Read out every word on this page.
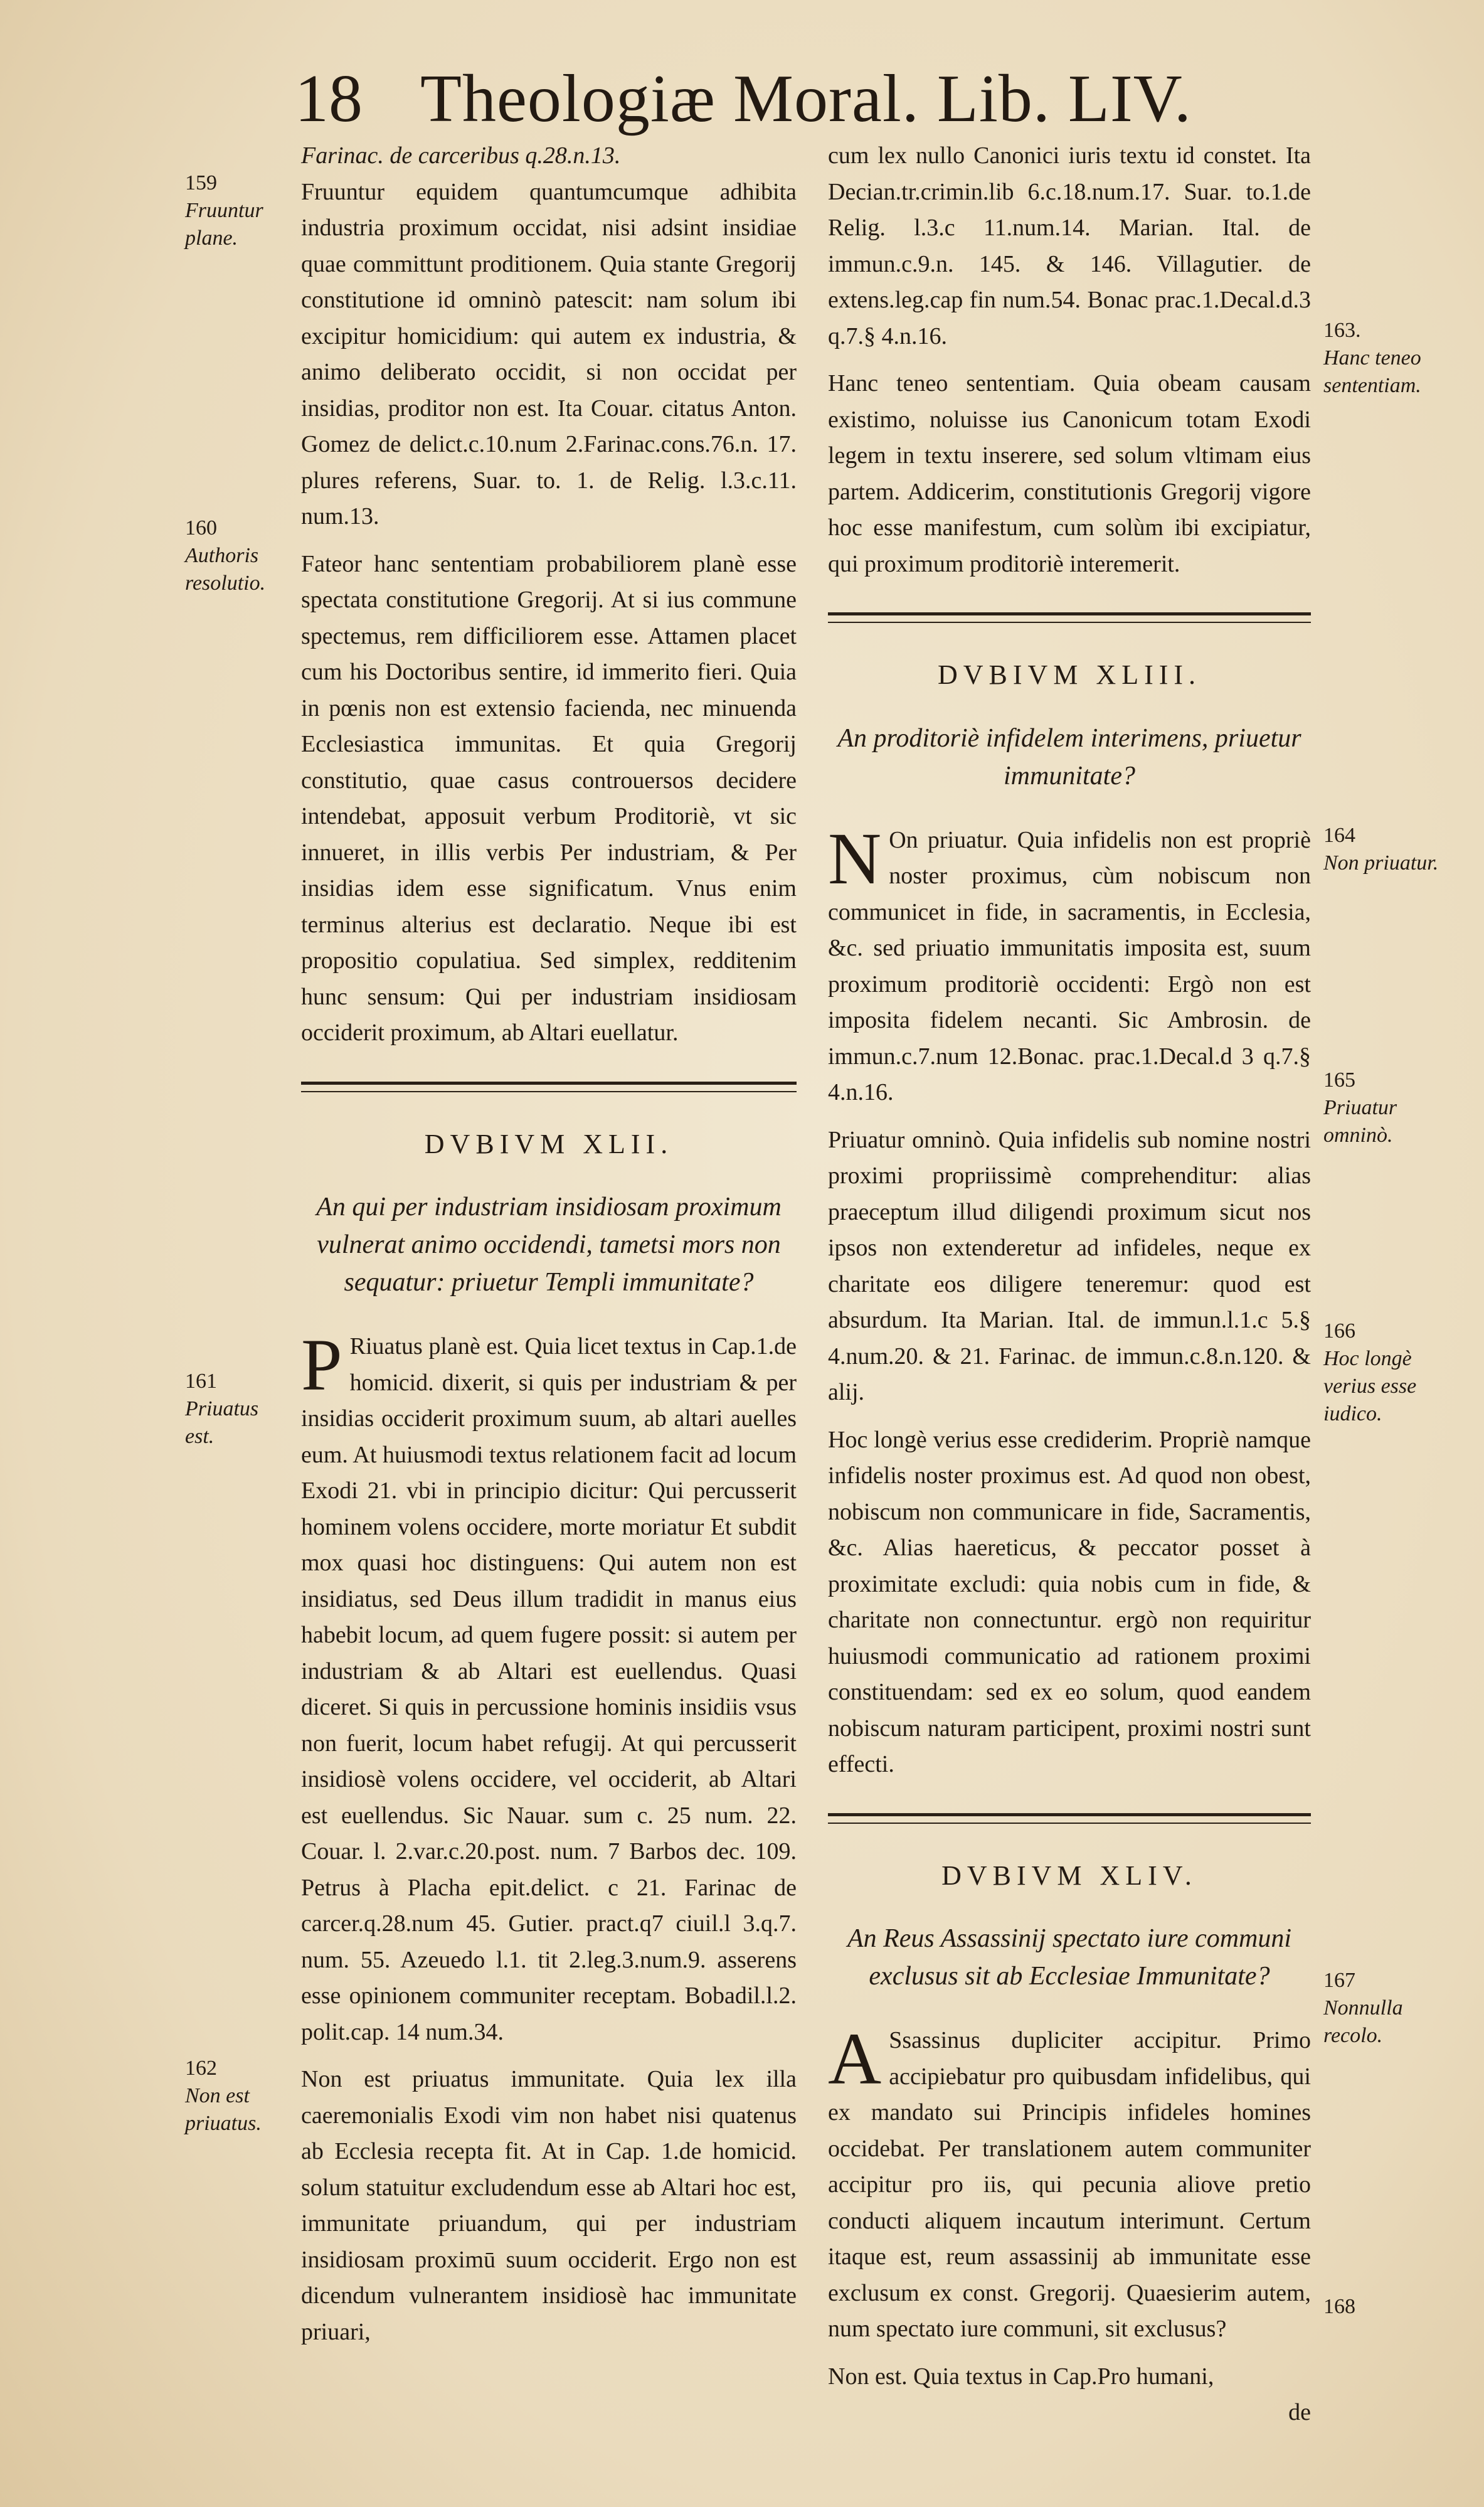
18 Theologiæ Moral. Lib. LIV.
159
Fruuntur plane.
160
Authoris resolutio.
161
Priuatus est.
162
Non est priuatus.
163.
Hanc teneo sententiam.
164
Non priuatur.
165
Priuatur omninò.
166
Hoc longè verius esse iudico.
167
Nonnulla recolo.
168

Farinac. de carceribus q.28.n.13.

Fruuntur equidem quantumcumque adhibita industria proximum occidat, nisi adsint insidiae quae committunt proditionem. Quia stante Gregorij constitutione id omninò patescit: nam solum ibi excipitur homicidium: qui autem ex industria, & animo deliberato occidit, si non occidat per insidias, proditor non est. Ita Couar. citatus Anton. Gomez de delict.c.10.num 2.Farinac.cons.76.n. 17. plures referens, Suar. to. 1. de Relig. l.3.c.11. num.13.

Fateor hanc sententiam probabiliorem planè esse spectata constitutione Gregorij. At si ius commune spectemus, rem difficiliorem esse. Attamen placet cum his Doctoribus sentire, id immerito fieri. Quia in pœnis non est extensio facienda, nec minuenda Ecclesiastica immunitas. Et quia Gregorij constitutio, quae casus controuersos decidere intendebat, apposuit verbum Proditoriè, vt sic innueret, in illis verbis Per industriam, & Per insidias idem esse significatum. Vnus enim terminus alterius est declaratio. Neque ibi est propositio copulatiua. Sed simplex, redditenim hunc sensum: Qui per industriam insidiosam occiderit proximum, ab Altari euellatur.

DVBIVM XLII.
An qui per industriam insidiosam proximum vulnerat animo occidendi, tametsi mors non sequatur: priuetur Templi immunitate?
P Riuatus planè est. Quia licet textus in Cap.1.de homicid. dixerit, si quis per industriam & per insidias occiderit proximum suum, ab altari auelles eum. At huiusmodi textus relationem facit ad locum Exodi 21. vbi in principio dicitur: Qui percusserit hominem volens occidere, morte moriatur Et subdit mox quasi hoc distinguens: Qui autem non est insidiatus, sed Deus illum tradidit in manus eius habebit locum, ad quem fugere possit: si autem per industriam & ab Altari est euellendus. Quasi diceret. Si quis in percussione hominis insidiis vsus non fuerit, locum habet refugij. At qui percusserit insidiosè volens occidere, vel occiderit, ab Altari est euellendus. Sic Nauar. sum c. 25 num. 22. Couar. l. 2.var.c.20.post. num. 7 Barbos dec. 109. Petrus à Placha epit.delict. c 21. Farinac de carcer.q.28.num 45. Gutier. pract.q7 ciuil.l 3.q.7. num. 55. Azeuedo l.1. tit 2.leg.3.num.9. asserens esse opinionem communiter receptam. Bobadil.l.2. polit.cap. 14 num.34.

Non est priuatus immunitate. Quia lex illa caeremonialis Exodi vim non habet nisi quatenus ab Ecclesia recepta fit. At in Cap. 1.de homicid. solum statuitur excludendum esse ab Altari hoc est, immunitate priuandum, qui per industriam insidiosam proximū suum occiderit. Ergo non est dicendum vulnerantem insidiosè hac immunitate priuari,

cum lex nullo Canonici iuris textu id constet. Ita Decian.tr.crimin.lib 6.c.18.num.17. Suar. to.1.de Relig. l.3.c 11.num.14. Marian. Ital. de immun.c.9.n. 145. & 146. Villagutier. de extens.leg.cap fin num.54. Bonac prac.1.Decal.d.3 q.7.§ 4.n.16.

Hanc teneo sententiam. Quia obeam causam existimo, noluisse ius Canonicum totam Exodi legem in textu inserere, sed solum vltimam eius partem. Addicerim, constitutionis Gregorij vigore hoc esse manifestum, cum solùm ibi excipiatur, qui proximum proditoriè interemerit.

DVBIVM XLIII.
An proditoriè infidelem interimens, priuetur immunitate?
N On priuatur. Quia infidelis non est propriè noster proximus, cùm nobiscum non communicet in fide, in sacramentis, in Ecclesia, &c. sed priuatio immunitatis imposita est, suum proximum proditoriè occidenti: Ergò non est imposita fidelem necanti. Sic Ambrosin. de immun.c.7.num 12.Bonac. prac.1.Decal.d 3 q.7.§ 4.n.16.

Priuatur omninò. Quia infidelis sub nomine nostri proximi propriissimè comprehenditur: alias praeceptum illud diligendi proximum sicut nos ipsos non extenderetur ad infideles, neque ex charitate eos diligere teneremur: quod est absurdum. Ita Marian. Ital. de immun.l.1.c 5.§ 4.num.20. & 21. Farinac. de immun.c.8.n.120. & alij.

Hoc longè verius esse crediderim. Propriè namque infidelis noster proximus est. Ad quod non obest, nobiscum non communicare in fide, Sacramentis, &c. Alias haereticus, & peccator posset à proximitate excludi: quia nobis cum in fide, & charitate non connectuntur. ergò non requiritur huiusmodi communicatio ad rationem proximi constituendam: sed ex eo solum, quod eandem nobiscum naturam participent, proximi nostri sunt effecti.

DVBIVM XLIV.
An Reus Assassinij spectato iure communi exclusus sit ab Ecclesiae Immunitate?
A Ssassinus dupliciter accipitur. Primo accipiebatur pro quibusdam infidelibus, qui ex mandato sui Principis infideles homines occidebat. Per translationem autem communiter accipitur pro iis, qui pecunia aliove pretio conducti aliquem incautum interimunt. Certum itaque est, reum assassinij ab immunitate esse exclusum ex const. Gregorij. Quaesierim autem, num spectato iure communi, sit exclusus?

Non est. Quia textus in Cap.Pro humani,

de
